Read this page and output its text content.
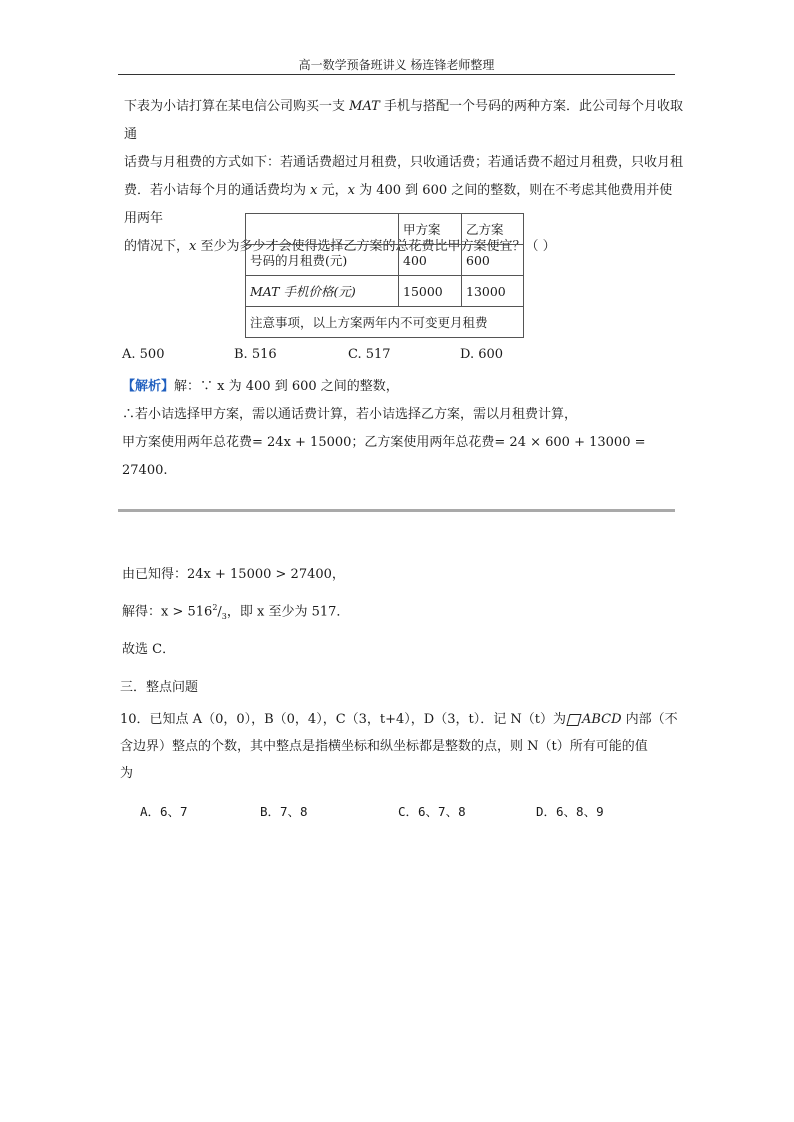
高一数学预备班讲义 杨连锋老师整理
下表为小诘打算在某电信公司购买一支 MAT 手机与搭配一个号码的两种方案．此公司每个月收取通
话费与月租费的方式如下：若通话费超过月租费，只收通话费；若通话费不超过月租费，只收月租
费．若小诘每个月的通话费均为 x 元，x 为 400 到 600 之间的整数，则在不考虑其他费用并使用两年
的情况下，x 至少为多少才会使得选择乙方案的总花费比甲方案便宜？（ ）
	甲方案	乙方案
号码的月租费(元)	400	600
MAT 手机价格(元)	15000	13000
注意事项，以上方案两年内不可变更月租费		
A. 500	B. 516	C. 517	D. 600
【解析】解：∵ x 为 400 到 600 之间的整数，
∴若小诘选择甲方案，需以通话费计算，若小诘选择乙方案，需以月租费计算，
甲方案使用两年总花费= 24x + 15000；乙方案使用两年总花费= 24 × 600 + 13000 = 27400.
由已知得：24x + 15000 > 27400，
解得：$x > 516^2/_3$，即 x 至少为 517．
故选 C．
三．整点问题
10．已知点 A（0，0），B（0，4），C（3，t+4），D（3，t）．记 N（t）为 ABCD 内部（不
含边界）整点的个数，其中整点是指横坐标和纵坐标都是整数的点，则 N（t）所有可能的值
为
A．6、7	B．7、8	C．6、7、8	D．6、8、9
